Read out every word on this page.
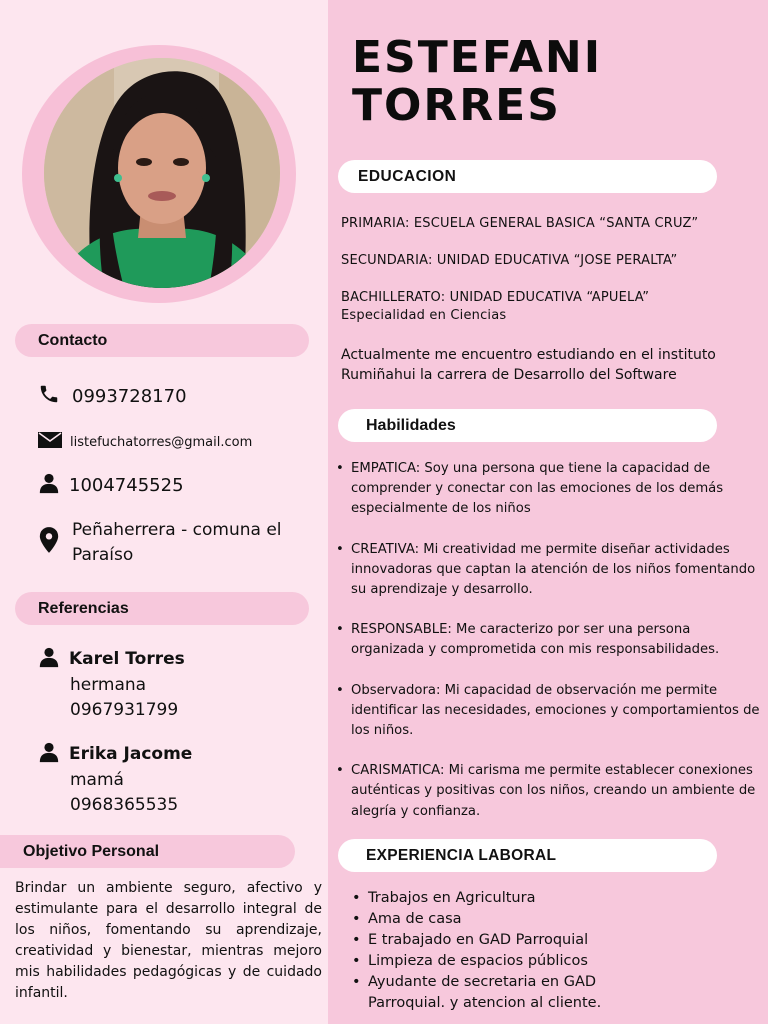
ESTEFANI
TORRES
Contacto
0993728170
listefuchatorres@gmail.com
1004745525
Peñaherrera - comuna el
Paraíso
Referencias
Karel Torres
hermana
0967931799
Erika Jacome
mamá
0968365535
Objetivo Personal
Brindar un ambiente seguro, afectivo y estimulante para el desarrollo integral de los niños, fomentando su aprendizaje, creatividad y bienestar, mientras mejoro mis habilidades pedagógicas y de cuidado infantil.
EDUCACION
PRIMARIA: ESCUELA GENERAL BASICA “SANTA CRUZ”
SECUNDARIA: UNIDAD EDUCATIVA “JOSE PERALTA”
BACHILLERATO: UNIDAD EDUCATIVA “APUELA”
Especialidad en Ciencias
Actualmente me encuentro estudiando en el instituto Rumiñahui la carrera de Desarrollo del Software
Habilidades
• EMPATICA: Soy una persona que tiene la capacidad de comprender y conectar con las emociones de los demás especialmente de los niños
• CREATIVA: Mi creatividad me permite diseñar actividades innovadoras que captan la atención de los niños fomentando su aprendizaje y desarrollo.
• RESPONSABLE: Me caracterizo por ser una persona organizada y comprometida con mis responsabilidades.
• Observadora: Mi capacidad de observación me permite identificar las necesidades, emociones y comportamientos de los niños.
• CARISMATICA: Mi carisma me permite establecer conexiones auténticas y positivas con los niños, creando un ambiente de alegría y confianza.
EXPERIENCIA LABORAL
• Trabajos en Agricultura
• Ama de casa
• E trabajado en GAD Parroquial
• Limpieza de espacios públicos
• Ayudante de secretaria en GAD Parroquial. y atencion al cliente.
